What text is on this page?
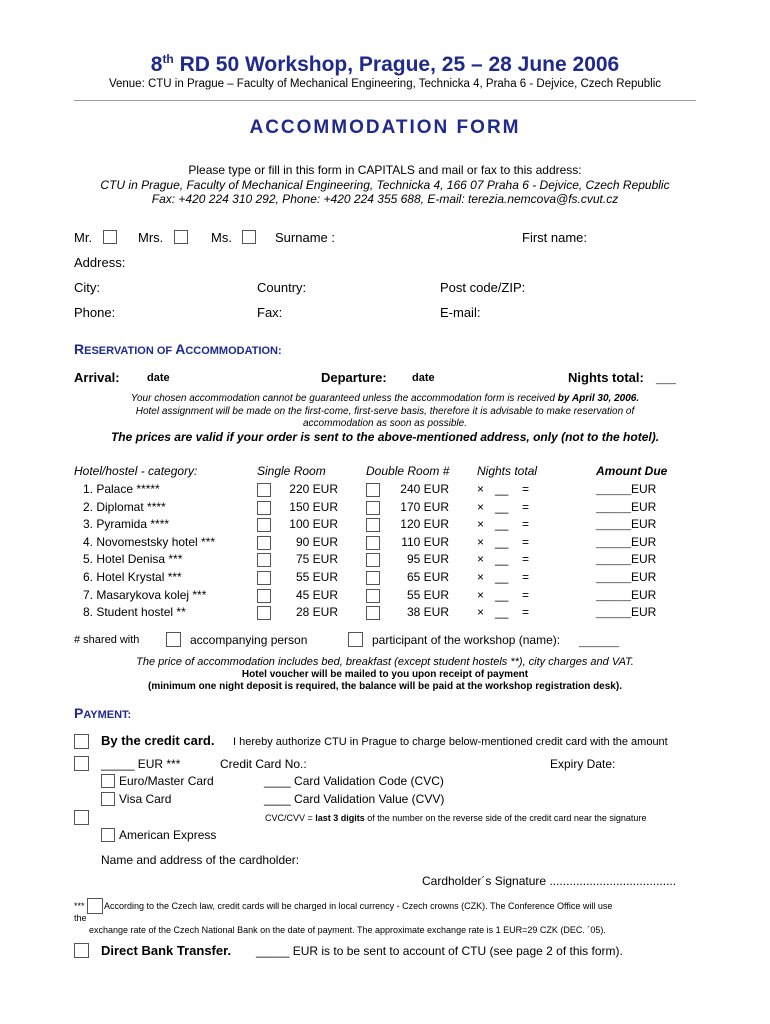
8th RD 50 Workshop, Prague, 25 – 28 June 2006
Venue: CTU in Prague – Faculty of Mechanical Engineering, Technicka 4, Praha 6 - Dejvice, Czech Republic
ACCOMMODATION FORM
Please type or fill in this form in CAPITALS and mail or fax to this address:
CTU in Prague, Faculty of Mechanical Engineering, Technicka 4, 166 07 Praha 6 - Dejvice, Czech Republic
Fax: +420 224 310 292, Phone: +420 224 355 688, E-mail: terezia.nemcova@fs.cvut.cz
Mr.	Mrs.	Ms.	Surname :	First name:
Address:
City:	Country:	Post code/ZIP:
Phone:	Fax:	E-mail:
RESERVATION OF ACCOMMODATION:
Arrival: date	Departure: date	Nights total: ____
Your chosen accommodation cannot be guaranteed unless the accommodation form is received by April 30, 2006.
Hotel assignment will be made on the first-come, first-serve basis, therefore it is advisable to make reservation of
accommodation as soon as possible.
The prices are valid if your order is sent to the above-mentioned address, only (not to the hotel).
Hotel/hostel - category:	Single Room	Double Room # Nights total	Amount Due
1. Palace *****	220 EUR	240 EUR × __ =	_______ EUR
2. Diplomat ****	150 EUR	170 EUR × __ =	_______ EUR
3. Pyramida ****	100 EUR	120 EUR × __ =	_______ EUR
4. Novomestsky hotel ***	90 EUR	110 EUR × __ =	_______ EUR
5. Hotel Denisa ***	75 EUR	95 EUR × __ =	_______ EUR
6. Hotel Krystal ***	55 EUR	65 EUR × __ =	_______ EUR
7. Masarykova kolej ***	45 EUR	55 EUR × __ =	_______ EUR
8. Student hostel **	28 EUR	38 EUR × __ =	_______ EUR
# shared with	accompanying person	participant of the workshop (name): ________
The price of accommodation includes bed, breakfast (except student hostels **), city charges and VAT.
Hotel voucher will be mailed to you upon receipt of payment
(minimum one night deposit is required, the balance will be paid at the workshop registration desk).
PAYMENT:
By the credit card. I hereby authorize CTU in Prague to charge below-mentioned credit card with the amount
_____ EUR ***	Credit Card No.:	Expiry Date:
Euro/Master Card	____ Card Validation Code (CVC)
Visa Card	____ Card Validation Value (CVV)
CVC/CVV = last 3 digits of the number on the reverse side of the credit card near the signature
American Express
Name and address of the cardholder:
Cardholder´s Signature ......................................
*** According to the Czech law, credit cards will be charged in local currency - Czech crowns (CZK). The Conference Office will use
the
exchange rate of the Czech National Bank on the date of payment. The approximate exchange rate is 1 EUR=29 CZK (DEC. ´05).
Direct Bank Transfer. _____ EUR is to be sent to account of CTU (see page 2 of this form).
